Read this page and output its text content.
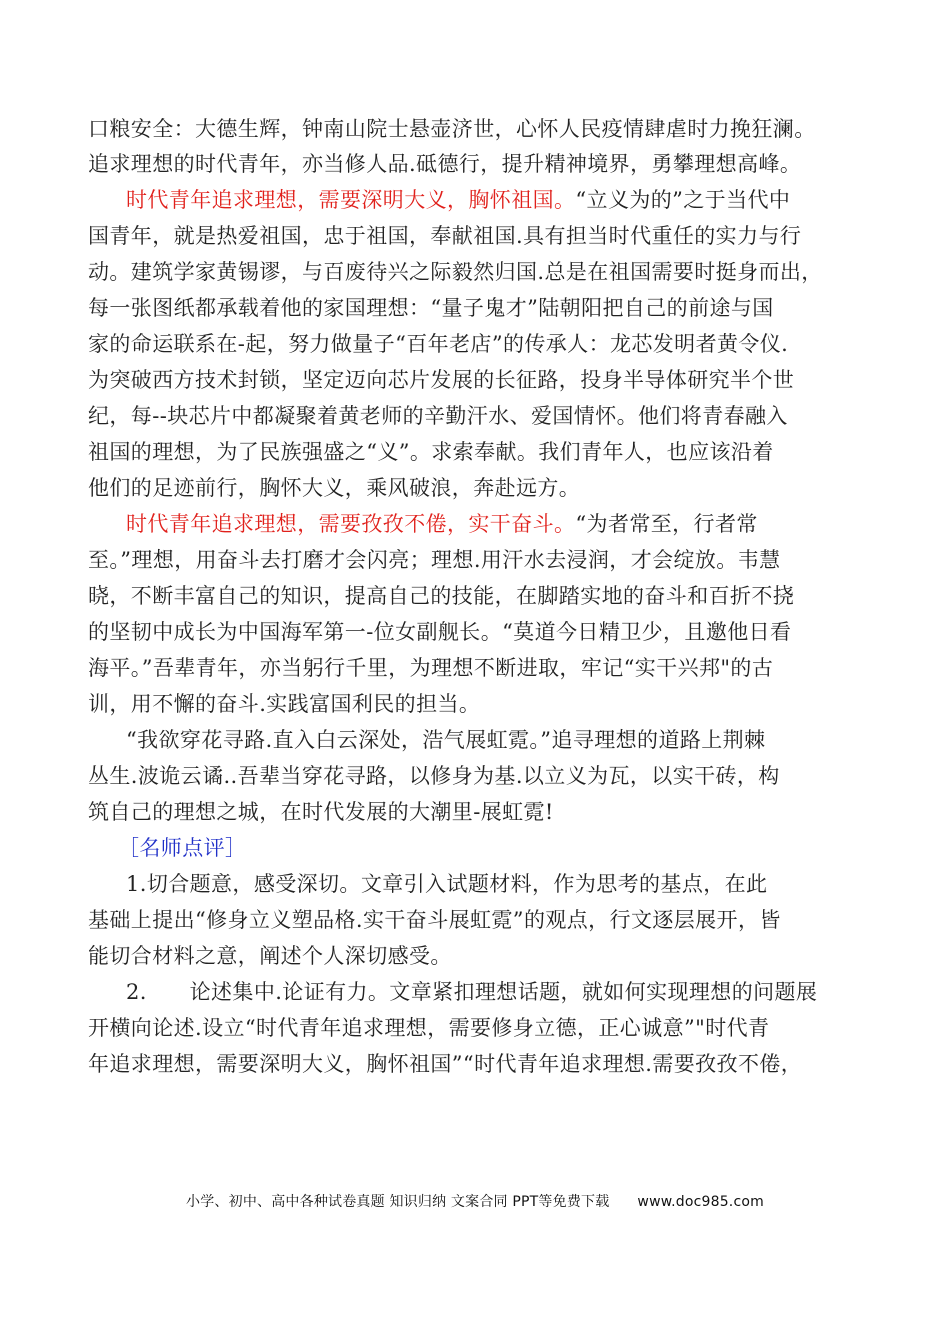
口粮安全：大德生辉，钟南山院士悬壶济世，心怀人民疫情肆虐时力挽狂澜。
追求理想的时代青年，亦当修人品.砥德行，提升精神境界，勇攀理想高峰。
时代青年追求理想，需要深明大义，胸怀祖国。“立义为的”之于当代中
国青年，就是热爱祖国，忠于祖国，奉献祖国.具有担当时代重任的实力与行
动。建筑学家黄锡谬，与百废待兴之际毅然归国.总是在祖国需要时挺身而出，
每一张图纸都承载着他的家国理想：“量子鬼才”陆朝阳把自己的前途与国
家的命运联系在-起，努力做量子“百年老店”的传承人：龙芯发明者黄令仪.
为突破西方技术封锁，坚定迈向芯片发展的长征路，投身半导体研究半个世
纪，每--块芯片中都凝聚着黄老师的辛勤汗水、爱国情怀。他们将青春融入
祖国的理想，为了民族强盛之“义”。求索奉献。我们青年人，也应该沿着
他们的足迹前行，胸怀大义，乘风破浪，奔赴远方。
时代青年追求理想，需要孜孜不倦，实干奋斗。“为者常至，行者常
至。”理想，用奋斗去打磨才会闪亮；理想.用汗水去浸润，才会绽放。韦慧
晓，不断丰富自己的知识，提高自己的技能，在脚踏实地的奋斗和百折不挠
的坚韧中成长为中国海军第一-位女副舰长。“莫道今日精卫少，且邀他日看
海平。”吾辈青年，亦当躬行千里，为理想不断进取，牢记“实干兴邦"的古
训，用不懈的奋斗.实践富国利民的担当。
“我欲穿花寻路.直入白云深处，浩气展虹霓。”追寻理想的道路上荆棘
丛生.波诡云谲..吾辈当穿花寻路，以修身为基.以立义为瓦，以实干砖，构
筑自己的理想之城，在时代发展的大潮里-展虹霓!
［名师点评］
1.切合题意，感受深切。文章引入试题材料，作为思考的基点，在此
基础上提出“修身立义塑品格.实干奋斗展虹霓”的观点，行文逐层展开，皆
能切合材料之意，阐述个人深切感受。
2.　　论述集中.论证有力。文章紧扣理想话题，就如何实现理想的问题展
开横向论述.设立“时代青年追求理想，需要修身立德，正心诚意”"时代青
年追求理想，需要深明大义，胸怀祖国”“时代青年追求理想.需要孜孜不倦，
小学、初中、高中各种试卷真题 知识归纳 文案合同 PPT等免费下载 www.doc985.com
